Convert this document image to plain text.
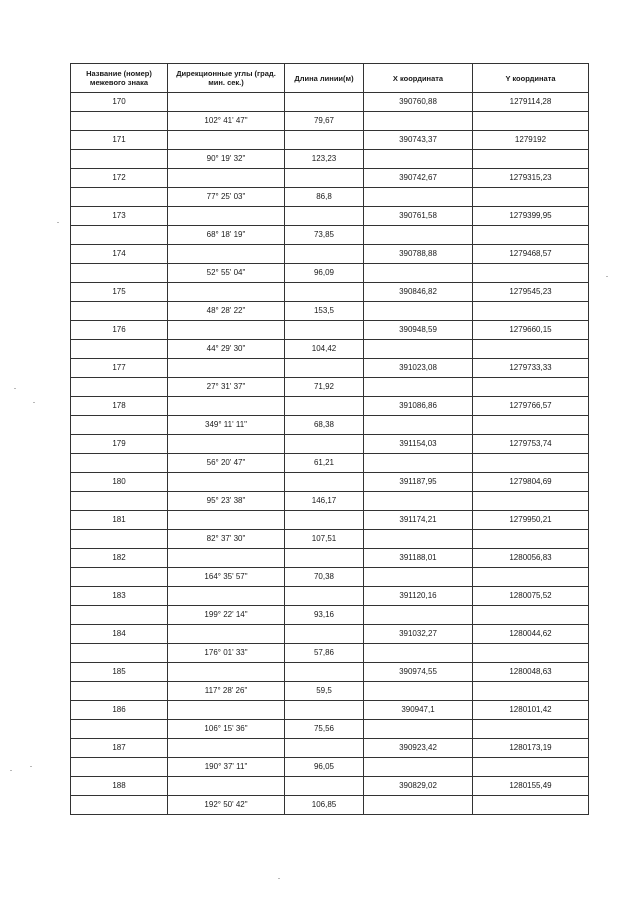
Название (номер) межевого знака	Дирекционные углы (град. мин. сек.)	Длина линии(м)	X координата	Y координата
170			390760,88	1279114,28
	102° 41' 47"	79,67		
171			390743,37	1279192
	90° 19' 32"	123,23		
172			390742,67	1279315,23
	77° 25' 03"	86,8		
173			390761,58	1279399,95
	68° 18' 19"	73,85		
174			390788,88	1279468,57
	52° 55' 04"	96,09		
175			390846,82	1279545,23
	48° 28' 22"	153,5		
176			390948,59	1279660,15
	44° 29' 30"	104,42		
177			391023,08	1279733,33
	27° 31' 37"	71,92		
178			391086,86	1279766,57
	349° 11' 11"	68,38		
179			391154,03	1279753,74
	56° 20' 47"	61,21		
180			391187,95	1279804,69
	95° 23' 38"	146,17		
181			391174,21	1279950,21
	82° 37' 30"	107,51		
182			391188,01	1280056,83
	164° 35' 57"	70,38		
183			391120,16	1280075,52
	199° 22' 14"	93,16		
184			391032,27	1280044,62
	176° 01' 33"	57,86		
185			390974,55	1280048,63
	117° 28' 26"	59,5		
186			390947,1	1280101,42
	106° 15' 36"	75,56		
187			390923,42	1280173,19
	190° 37' 11"	96,05		
188			390829,02	1280155,49
	192° 50' 42"	106,85		
